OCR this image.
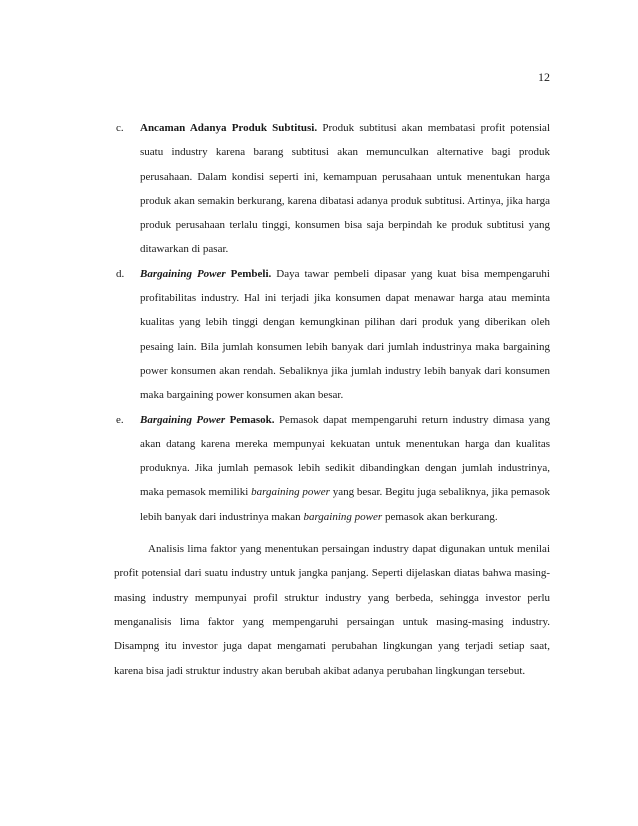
12
c. Ancaman Adanya Produk Subtitusi. Produk subtitusi akan membatasi profit potensial suatu industry karena barang subtitusi akan memunculkan alternative bagi produk perusahaan. Dalam kondisi seperti ini, kemampuan perusahaan untuk menentukan harga produk akan semakin berkurang, karena dibatasi adanya produk subtitusi. Artinya, jika harga produk perusahaan terlalu tinggi, konsumen bisa saja berpindah ke produk subtitusi yang ditawarkan di pasar.
d. Bargaining Power Pembeli. Daya tawar pembeli dipasar yang kuat bisa mempengaruhi profitabilitas industry. Hal ini terjadi jika konsumen dapat menawar harga atau meminta kualitas yang lebih tinggi dengan kemungkinan pilihan dari produk yang diberikan oleh pesaing lain. Bila jumlah konsumen lebih banyak dari jumlah industrinya maka bargaining power konsumen akan rendah. Sebaliknya jika jumlah industry lebih banyak dari konsumen maka bargaining power konsumen akan besar.
e. Bargaining Power Pemasok. Pemasok dapat mempengaruhi return industry dimasa yang akan datang karena mereka mempunyai kekuatan untuk menentukan harga dan kualitas produknya. Jika jumlah pemasok lebih sedikit dibandingkan dengan jumlah industrinya, maka pemasok memiliki bargaining power yang besar. Begitu juga sebaliknya, jika pemasok lebih banyak dari industrinya makan bargaining power pemasok akan berkurang.

Analisis lima faktor yang menentukan persaingan industry dapat digunakan untuk menilai profit potensial dari suatu industry untuk jangka panjang. Seperti dijelaskan diatas bahwa masing-masing industry mempunyai profil struktur industry yang berbeda, sehingga investor perlu menganalisis lima faktor yang mempengaruhi persaingan untuk masing-masing industry. Disampng itu investor juga dapat mengamati perubahan lingkungan yang terjadi setiap saat, karena bisa jadi struktur industry akan berubah akibat adanya perubahan lingkungan tersebut.
